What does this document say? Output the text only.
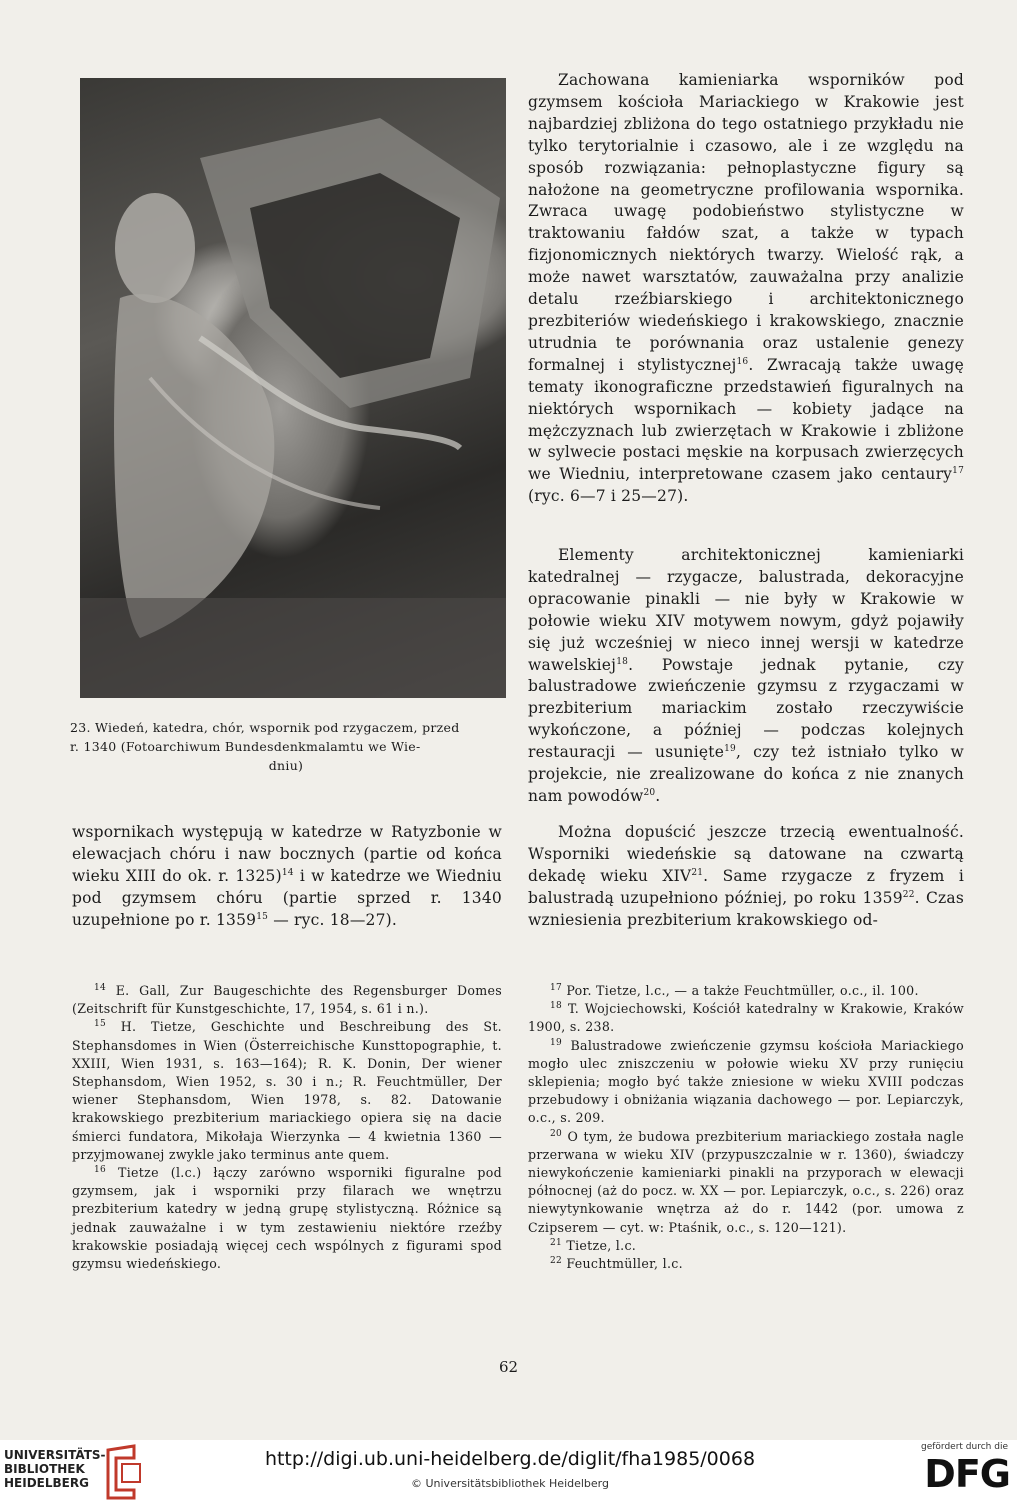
23. Wiedeń, katedra, chór, wspornik pod rzygaczem, przed
r. 1340 (Fotoarchiwum Bundesdenkmalamtu we Wie-
dniu)

Zachowana kamieniarka wsporników pod gzymsem kościoła Mariackiego w Krakowie jest najbardziej zbliżona do tego ostatniego przykładu nie tylko terytorialnie i czasowo, ale i ze względu na sposób rozwiązania: pełnoplastyczne figury są nałożone na geometryczne profilowania wspornika. Zwraca uwagę podobieństwo stylistyczne w traktowaniu fałdów szat, a także w typach fizjonomicznych niektórych twarzy. Wielość rąk, a może nawet warsztatów, zauważalna przy analizie detalu rzeźbiarskiego i architektonicznego prezbiteriów wiedeńskiego i krakowskiego, znacznie utrudnia te porównania oraz ustalenie genezy formalnej i stylistycznej$^{16}$. Zwracają także uwagę tematy ikonograficzne przedstawień figuralnych na niektórych wspornikach — kobiety jadące na mężczyznach lub zwierzętach w Krakowie i zbliżone w sylwecie postaci męskie na korpusach zwierzęcych we Wiedniu, interpretowane czasem jako centaury$^{17}$ (ryc. 6—7 i 25—27).

Elementy architektonicznej kamieniarki katedralnej — rzygacze, balustrada, dekoracyjne opracowanie pinakli — nie były w Krakowie w połowie wieku XIV motywem nowym, gdyż pojawiły się już wcześniej w nieco innej wersji w katedrze wawelskiej$^{18}$. Powstaje jednak pytanie, czy balustradowe zwieńczenie gzymsu z rzygaczami w prezbiterium mariackim zostało rzeczywiście wykończone, a później — podczas kolejnych restauracji — usunięte$^{19}$, czy też istniało tylko w projekcie, nie zrealizowane do końca z nie znanych nam powodów$^{20}$.

Można dopuścić jeszcze trzecią ewentualność. Wsporniki wiedeńskie są datowane na czwartą dekadę wieku XIV$^{21}$. Same rzygacze z fryzem i balustradą uzupełniono później, po roku 1359$^{22}$. Czas wzniesienia prezbiterium krakowskiego od-

wspornikach występują w katedrze w Ratyzbonie w elewacjach chóru i naw bocznych (partie od końca wieku XIII do ok. r. 1325)$^{14}$ i w katedrze we Wiedniu pod gzymsem chóru (partie sprzed r. 1340 uzupełnione po r. 1359$^{15}$ — ryc. 18—27).

$^{14}$ E. Gall, Zur Baugeschichte des Regensburger Domes (Zeitschrift für Kunstgeschichte, 17, 1954, s. 61 i n.).

$^{15}$ H. Tietze, Geschichte und Beschreibung des St. Stephansdomes in Wien (Österreichische Kunsttopographie, t. XXIII, Wien 1931, s. 163—164); R. K. Donin, Der wiener Stephansdom, Wien 1952, s. 30 i n.; R. Feuchtmüller, Der wiener Stephansdom, Wien 1978, s. 82. Datowanie krakowskiego prezbiterium mariackiego opiera się na dacie śmierci fundatora, Mikołaja Wierzynka — 4 kwietnia 1360 — przyjmowanej zwykle jako terminus ante quem.

$^{16}$ Tietze (l.c.) łączy zarówno wsporniki figuralne pod gzymsem, jak i wsporniki przy filarach we wnętrzu prezbiterium katedry w jedną grupę stylistyczną. Różnice są jednak zauważalne i w tym zestawieniu niektóre rzeźby krakowskie posiadają więcej cech wspólnych z figurami spod gzymsu wiedeńskiego.

$^{17}$ Por. Tietze, l.c., — a także Feuchtmüller, o.c., il. 100.

$^{18}$ T. Wojciechowski, Kościół katedralny w Krakowie, Kraków 1900, s. 238.

$^{19}$ Balustradowe zwieńczenie gzymsu kościoła Mariackiego mogło ulec zniszczeniu w połowie wieku XV przy runięciu sklepienia; mogło być także zniesione w wieku XVIII podczas przebudowy i obniżania wiązania dachowego — por. Lepiarczyk, o.c., s. 209.

$^{20}$ O tym, że budowa prezbiterium mariackiego została nagle przerwana w wieku XIV (przypuszczalnie w r. 1360), świadczy niewykończenie kamieniarki pinakli na przyporach w elewacji północnej (aż do pocz. w. XX — por. Lepiarczyk, o.c., s. 226) oraz niewytynkowanie wnętrza aż do r. 1442 (por. umowa z Czipserem — cyt. w: Ptaśnik, o.c., s. 120—121).

$^{21}$ Tietze, l.c.

$^{22}$ Feuchtmüller, l.c.

62
UNIVERSITÄTS-
BIBLIOTHEK
HEIDELBERG
http://digi.ub.uni-heidelberg.de/diglit/fha1985/0068
© Universitätsbibliothek Heidelberg
gefördert durch die
DFG
